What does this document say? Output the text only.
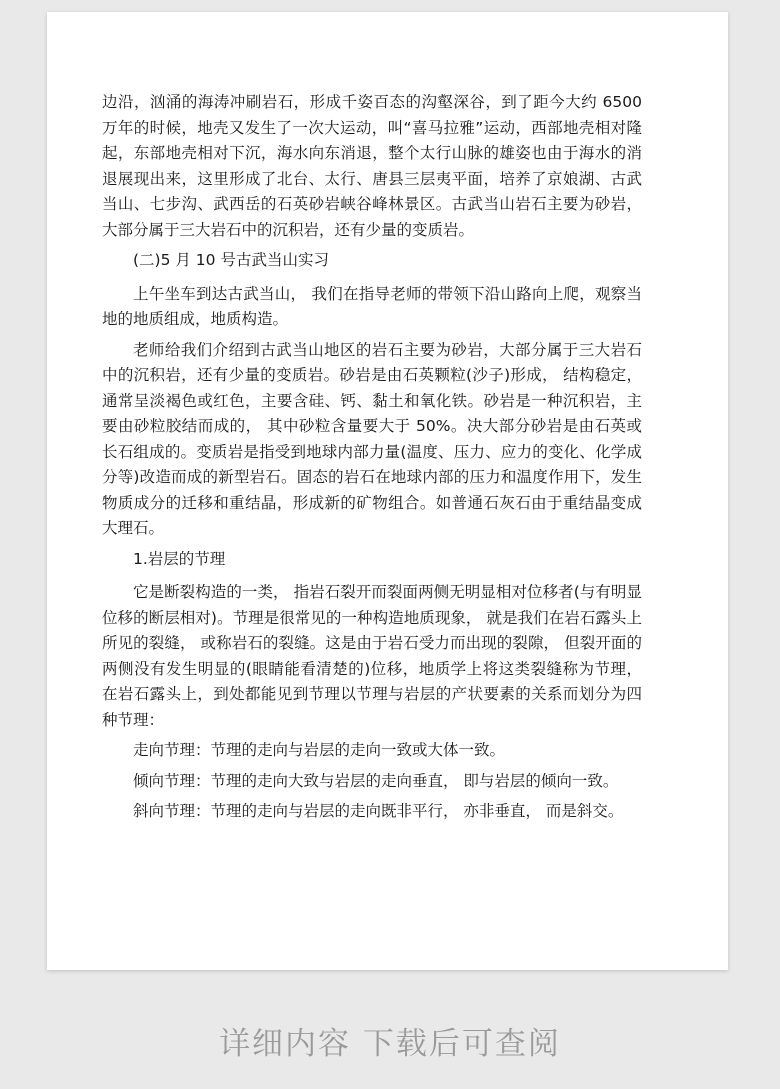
边沿，汹涌的海涛冲刷岩石，形成千姿百态的沟壑深谷，到了距今大约 6500 万年的时候，地壳又发生了一次大运动，叫“喜马拉雅”运动，西部地壳相对隆起，东部地壳相对下沉，海水向东消退，整个太行山脉的雄姿也由于海水的消退展现出来，这里形成了北台、太行、唐县三层夷平面，培养了京娘湖、古武当山、七步沟、武西岳的石英砂岩峡谷峰林景区。古武当山岩石主要为砂岩，大部分属于三大岩石中的沉积岩，还有少量的变质岩。

(二)5 月 10 号古武当山实习

上午坐车到达古武当山， 我们在指导老师的带领下沿山路向上爬，观察当地的地质组成，地质构造。

老师给我们介绍到古武当山地区的岩石主要为砂岩，大部分属于三大岩石中的沉积岩，还有少量的变质岩。砂岩是由石英颗粒(沙子)形成， 结构稳定，通常呈淡褐色或红色，主要含硅、钙、黏土和氧化铁。砂岩是一种沉积岩，主要由砂粒胶结而成的， 其中砂粒含量要大于 50%。决大部分砂岩是由石英或长石组成的。变质岩是指受到地球内部力量(温度、压力、应力的变化、化学成分等)改造而成的新型岩石。固态的岩石在地球内部的压力和温度作用下，发生物质成分的迁移和重结晶，形成新的矿物组合。如普通石灰石由于重结晶变成大理石。

1.岩层的节理

它是断裂构造的一类， 指岩石裂开而裂面两侧无明显相对位移者(与有明显位移的断层相对)。节理是很常见的一种构造地质现象， 就是我们在岩石露头上所见的裂缝， 或称岩石的裂缝。这是由于岩石受力而出现的裂隙， 但裂开面的两侧没有发生明显的(眼睛能看清楚的)位移，地质学上将这类裂缝称为节理， 在岩石露头上，到处都能见到节理以节理与岩层的产状要素的关系而划分为四种节理：

走向节理：节理的走向与岩层的走向一致或大体一致。

倾向节理：节理的走向大致与岩层的走向垂直， 即与岩层的倾向一致。

斜向节理：节理的走向与岩层的走向既非平行， 亦非垂直， 而是斜交。

详细内容 下载后可查阅
